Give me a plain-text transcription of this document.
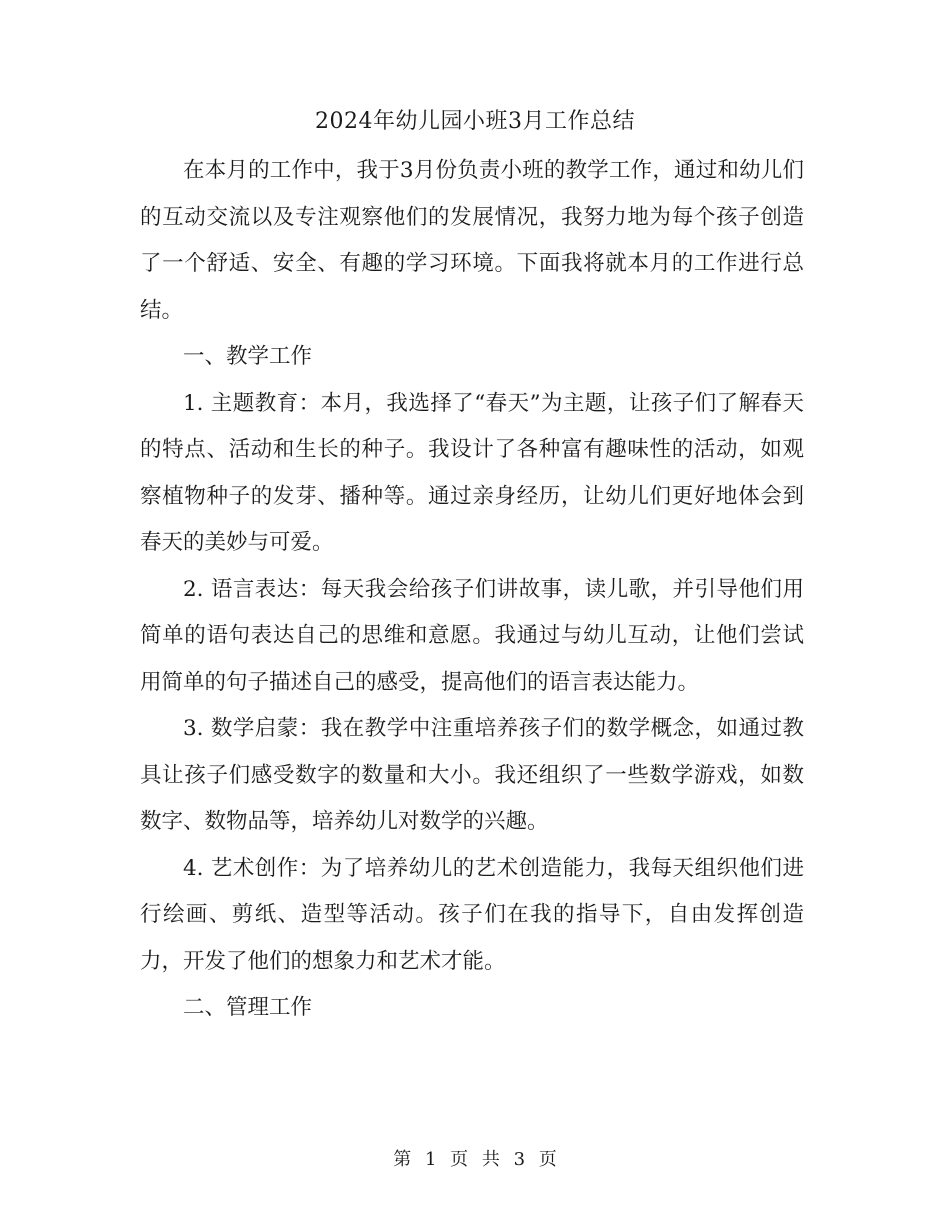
2024年幼儿园小班3月工作总结

在本月的工作中，我于3月份负责小班的教学工作，通过和幼儿们的互动交流以及专注观察他们的发展情况，我努力地为每个孩子创造了一个舒适、安全、有趣的学习环境。下面我将就本月的工作进行总结。

一、教学工作

1. 主题教育：本月，我选择了“春天”为主题，让孩子们了解春天的特点、活动和生长的种子。我设计了各种富有趣味性的活动，如观察植物种子的发芽、播种等。通过亲身经历，让幼儿们更好地体会到春天的美妙与可爱。

2. 语言表达：每天我会给孩子们讲故事，读儿歌，并引导他们用简单的语句表达自己的思维和意愿。我通过与幼儿互动，让他们尝试用简单的句子描述自己的感受，提高他们的语言表达能力。

3. 数学启蒙：我在教学中注重培养孩子们的数学概念，如通过教具让孩子们感受数字的数量和大小。我还组织了一些数学游戏，如数数字、数物品等，培养幼儿对数学的兴趣。

4. 艺术创作：为了培养幼儿的艺术创造能力，我每天组织他们进行绘画、剪纸、造型等活动。孩子们在我的指导下，自由发挥创造力，开发了他们的想象力和艺术才能。

二、管理工作

第 1 页 共 3 页
